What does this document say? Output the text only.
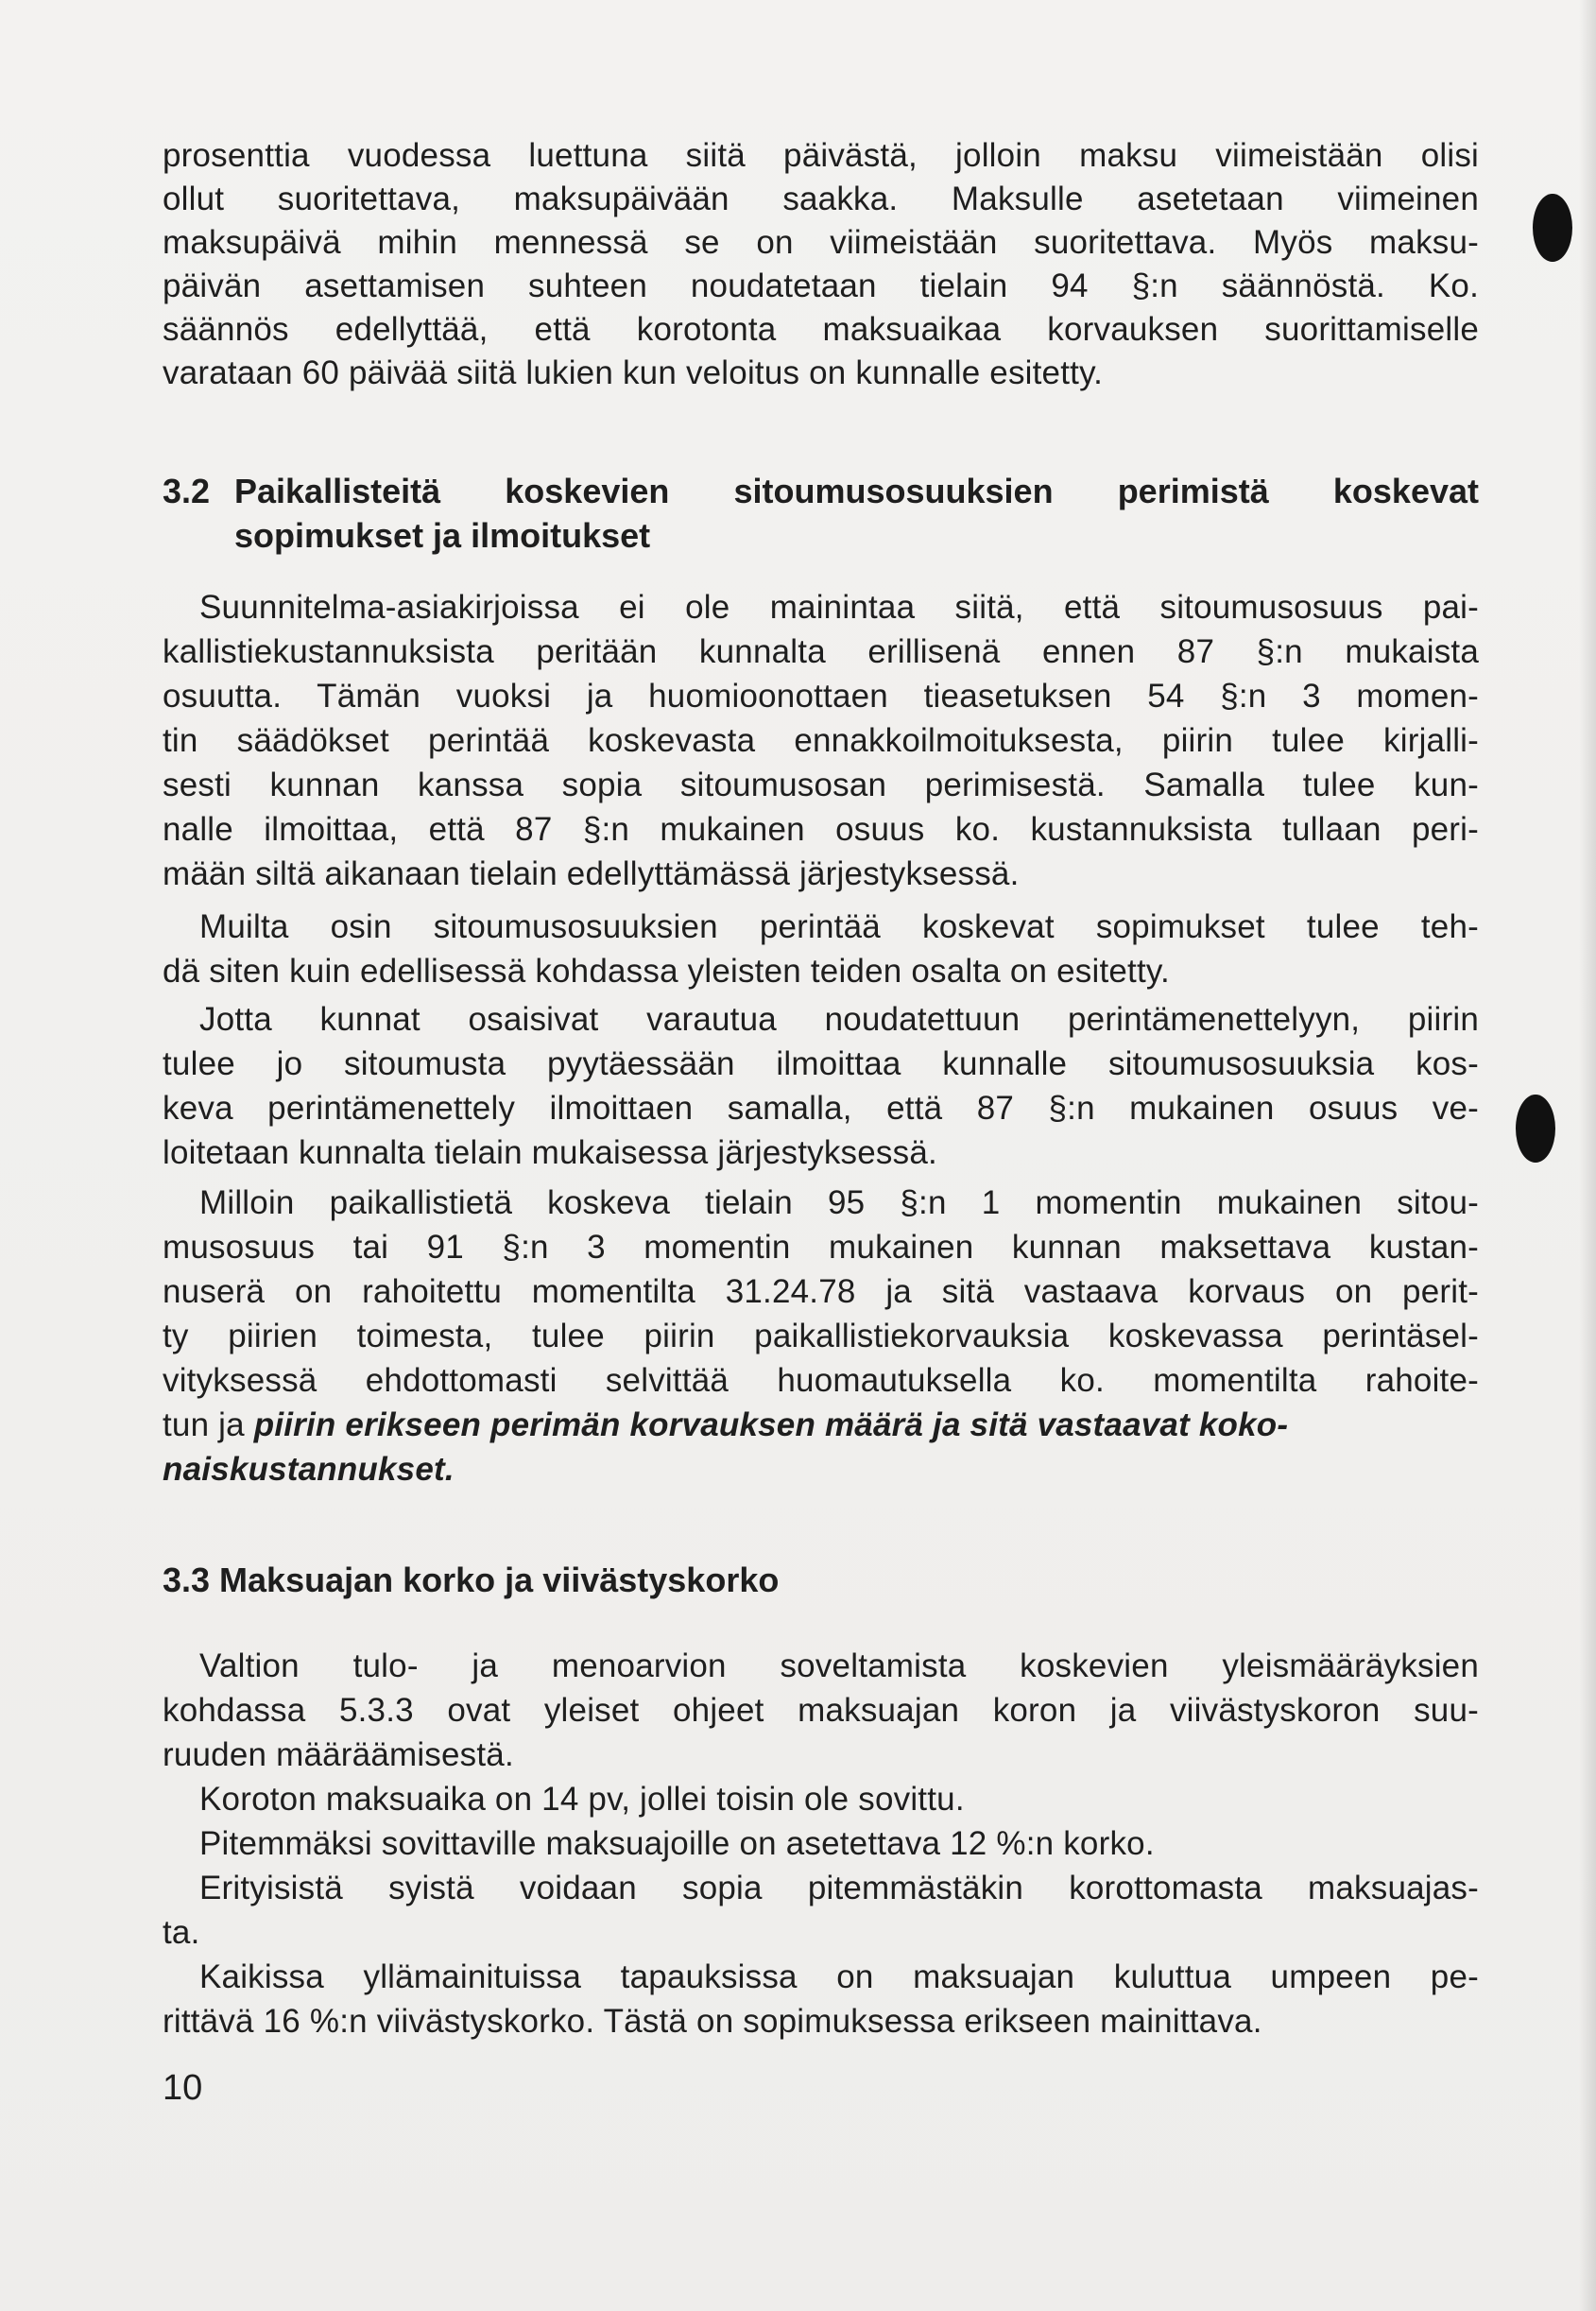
prosenttia vuodessa luettuna siitä päivästä, jolloin maksu viimeistään olisi

ollut suoritettava, maksupäivään saakka. Maksulle asetetaan viimeinen

maksupäivä mihin mennessä se on viimeistään suoritettava. Myös maksu-

päivän asettamisen suhteen noudatetaan tielain 94 §:n säännöstä. Ko.

säännös edellyttää, että korotonta maksuaikaa korvauksen suorittamiselle

varataan 60 päivää siitä lukien kun veloitus on kunnalle esitetty.

3.2 Paikallisteitä koskevien sitoumusosuuksien perimistä koskevat

sopimukset ja ilmoitukset

Suunnitelma-asiakirjoissa ei ole mainintaa siitä, että sitoumusosuus pai-

kallistiekustannuksista peritään kunnalta erillisenä ennen 87 §:n mukaista

osuutta. Tämän vuoksi ja huomioonottaen tieasetuksen 54 §:n 3 momen-

tin säädökset perintää koskevasta ennakkoilmoituksesta, piirin tulee kirjalli-

sesti kunnan kanssa sopia sitoumusosan perimisestä. Samalla tulee kun-

nalle ilmoittaa, että 87 §:n mukainen osuus ko. kustannuksista tullaan peri-

mään siltä aikanaan tielain edellyttämässä järjestyksessä.

Muilta osin sitoumusosuuksien perintää koskevat sopimukset tulee teh-

dä siten kuin edellisessä kohdassa yleisten teiden osalta on esitetty.

Jotta kunnat osaisivat varautua noudatettuun perintämenettelyyn, piirin

tulee jo sitoumusta pyytäessään ilmoittaa kunnalle sitoumusosuuksia kos-

keva perintämenettely ilmoittaen samalla, että 87 §:n mukainen osuus ve-

loitetaan kunnalta tielain mukaisessa järjestyksessä.

Milloin paikallistietä koskeva tielain 95 §:n 1 momentin mukainen sitou-

musosuus tai 91 §:n 3 momentin mukainen kunnan maksettava kustan-

nuserä on rahoitettu momentilta 31.24.78 ja sitä vastaava korvaus on perit-

ty piirien toimesta, tulee piirin paikallistiekorvauksia koskevassa perintäsel-

vityksessä ehdottomasti selvittää huomautuksella ko. momentilta rahoite-

tun ja piirin erikseen perimän korvauksen määrä ja sitä vastaavat koko-

naiskustannukset.

3.3 Maksuajan korko ja viivästyskorko

Valtion tulo- ja menoarvion soveltamista koskevien yleismääräyksien

kohdassa 5.3.3 ovat yleiset ohjeet maksuajan koron ja viivästyskoron suu-

ruuden määräämisestä.

Koroton maksuaika on 14 pv, jollei toisin ole sovittu.

Pitemmäksi sovittaville maksuajoille on asetettava 12 %:n korko.

Erityisistä syistä voidaan sopia pitemmästäkin korottomasta maksuajas-

ta.

Kaikissa yllämainituissa tapauksissa on maksuajan kuluttua umpeen pe-

rittävä 16 %:n viivästyskorko. Tästä on sopimuksessa erikseen mainittava.

10
